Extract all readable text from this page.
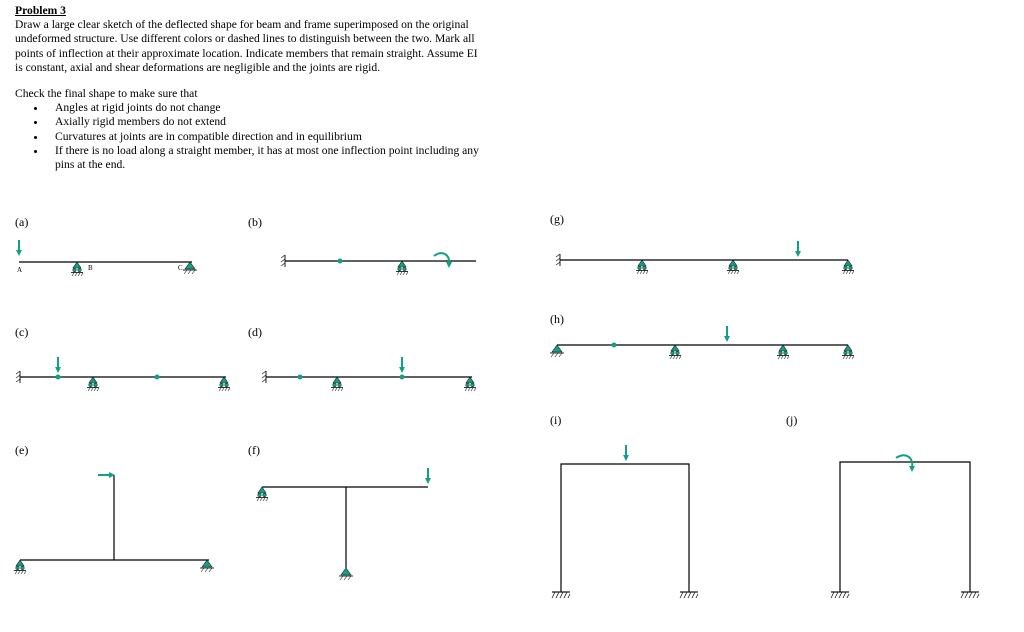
Problem 3
Draw a large clear sketch of the deflected shape for beam and frame superimposed on the original undeformed structure. Use different colors or dashed lines to distinguish between the two. Mark all points of inflection at their approximate location. Indicate members that remain straight. Assume EI is constant, axial and shear deformations are negligible and the joints are rigid.
Check the final shape to make sure that
• Angles at rigid joints do not change
• Axially rigid members do not extend
• Curvatures at joints are in compatible direction and in equilibrium
• If there is no load along a straight member, it has at most one inflection point including any pins at the end.
(a)	(b)	(g)
(c)	(d)
(h)
(i)	(j)
(e)	(f)
A	B	C
